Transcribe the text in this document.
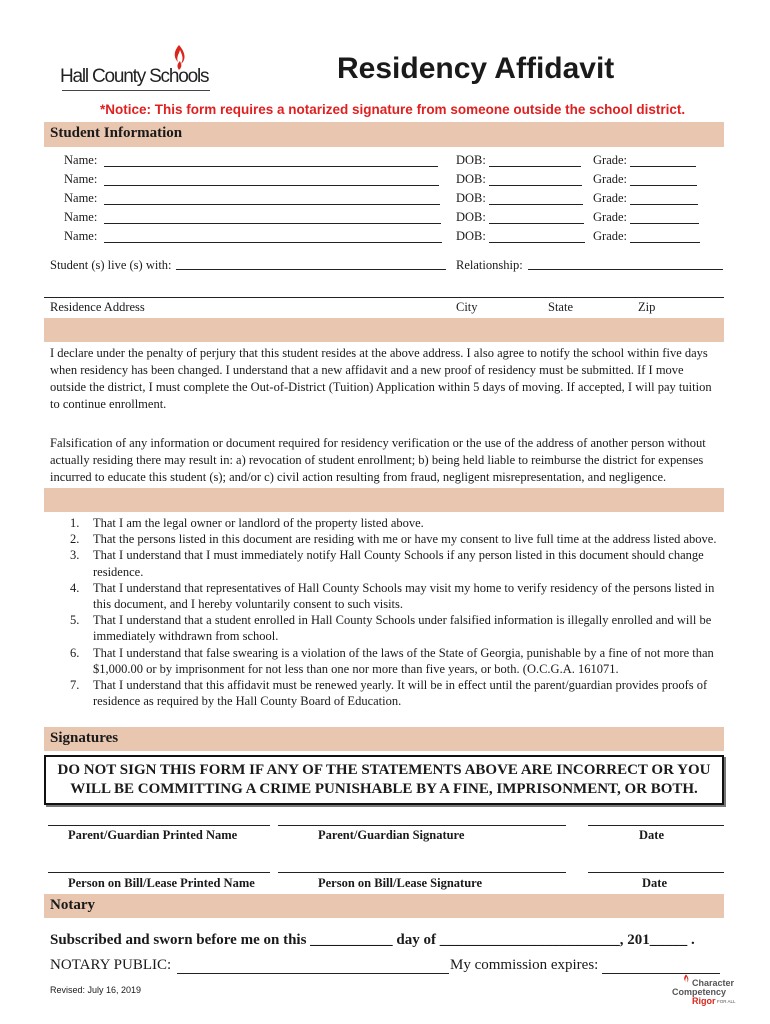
Hall County Schools	Residency Affidavit
*Notice: This form requires a notarized signature from someone outside the school district.
Student Information
Name:	DOB:	Grade:
Name:	DOB:	Grade:
Name:	DOB:	Grade:
Name:	DOB:	Grade:
Name:	DOB:	Grade:
Student (s) live (s) with:	Relationship:
Residence Address	City	State	Zip
I declare under the penalty of perjury that this student resides at the above address. I also agree to notify the school within five days when residency has been changed. I understand that a new affidavit and a new proof of residency must be submitted. If I move outside the district, I must complete the Out-of-District (Tuition) Application within 5 days of moving. If accepted, I will pay tuition to continue enrollment.
Falsification of any information or document required for residency verification or the use of the address of another person without actually residing there may result in: a) revocation of student enrollment; b) being held liable to reimburse the district for expenses incurred to educate this student (s); and/or c) civil action resulting from fraud, negligent misrepresentation, and negligence.
1. That I am the legal owner or landlord of the property listed above.
2. That the persons listed in this document are residing with me or have my consent to live full time at the address listed above.
3. That I understand that I must immediately notify Hall County Schools if any person listed in this document should change residence.
4. That I understand that representatives of Hall County Schools may visit my home to verify residency of the persons listed in this document, and I hereby voluntarily consent to such visits.
5. That I understand that a student enrolled in Hall County Schools under falsified information is illegally enrolled and will be immediately withdrawn from school.
6. That I understand that false swearing is a violation of the laws of the State of Georgia, punishable by a fine of not more than $1,000.00 or by imprisonment for not less than one nor more than five years, or both. (O.C.G.A. 161071.
7. That I understand that this affidavit must be renewed yearly. It will be in effect until the parent/guardian provides proofs of residence as required by the Hall County Board of Education.
Signatures
DO NOT SIGN THIS FORM IF ANY OF THE STATEMENTS ABOVE ARE INCORRECT OR YOU WILL BE COMMITTING A CRIME PUNISHABLE BY A FINE, IMPRISONMENT, OR BOTH.
Parent/Guardian Printed Name	Parent/Guardian Signature	Date
Person on Bill/Lease Printed Name	Person on Bill/Lease Signature	Date
Notary
Subscribed and sworn before me on this ___________ day of ________________________, 201_____ .
NOTARY PUBLIC:	My commission expires:
Revised: July 16, 2019
Character
Competency
Rigor FOR ALL
